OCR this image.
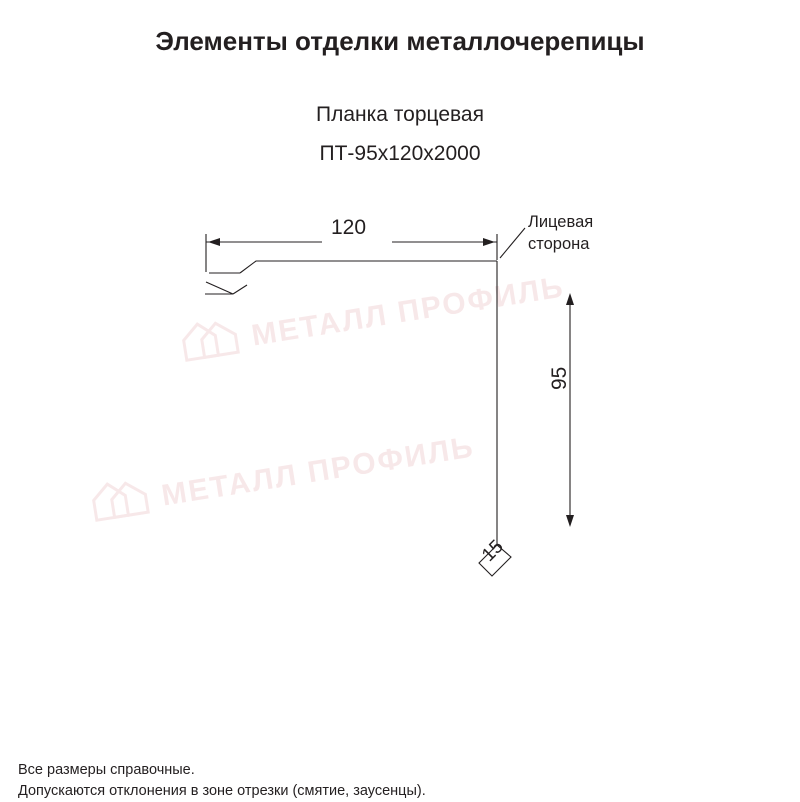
Элементы отделки металлочерепицы
Планка торцевая
ПТ-95x120x2000
МЕТАЛЛ ПРОФИЛЬ
МЕТАЛЛ ПРОФИЛЬ
120
95
15
Лицевая
сторона
Все размеры справочные.
Допускаются отклонения в зоне отрезки (смятие, заусенцы).
